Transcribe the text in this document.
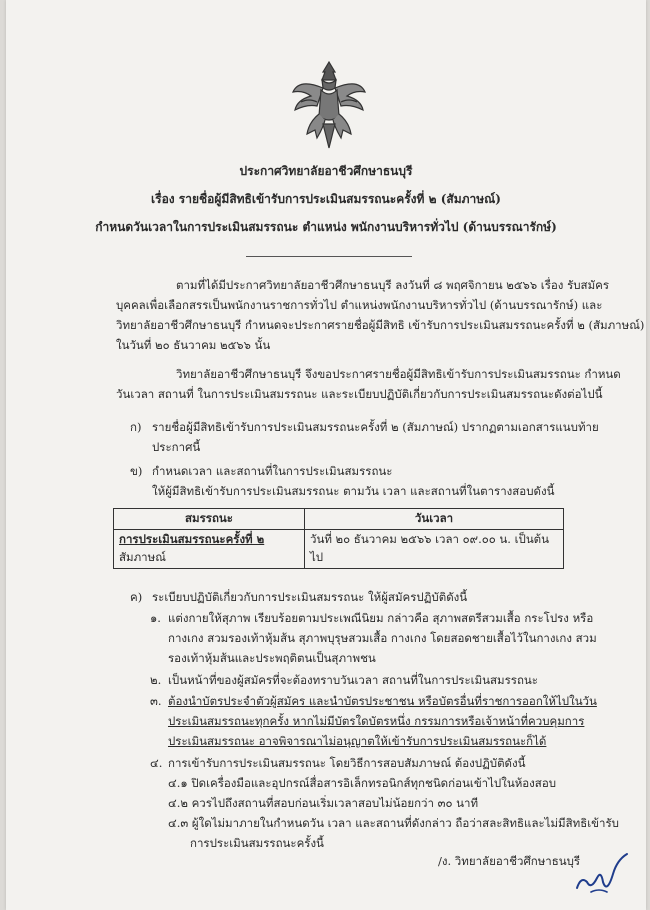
ประกาศวิทยาลัยอาชีวศึกษาธนบุรี
เรื่อง รายชื่อผู้มีสิทธิเข้ารับการประเมินสมรรถนะครั้งที่ ๒ (สัมภาษณ์)
กำหนดวันเวลาในการประเมินสมรรถนะ ตำแหน่ง พนักงานบริหารทั่วไป (ด้านบรรณารักษ์)
ตามที่ได้มีประกาศวิทยาลัยอาชีวศึกษาธนบุรี ลงวันที่ ๘ พฤศจิกายน ๒๕๖๖ เรื่อง รับสมัคร
บุคคลเพื่อเลือกสรรเป็นพนักงานราชการทั่วไป ตำแหน่งพนักงานบริหารทั่วไป (ด้านบรรณารักษ์) และ
วิทยาลัยอาชีวศึกษาธนบุรี กำหนดจะประกาศรายชื่อผู้มีสิทธิ เข้ารับการประเมินสมรรถนะครั้งที่ ๒ (สัมภาษณ์)
ในวันที่ ๒๐ ธันวาคม ๒๕๖๖ นั้น
วิทยาลัยอาชีวศึกษาธนบุรี จึงขอประกาศรายชื่อผู้มีสิทธิเข้ารับการประเมินสมรรถนะ กำหนด
วันเวลา สถานที่ ในการประเมินสมรรถนะ และระเบียบปฏิบัติเกี่ยวกับการประเมินสมรรถนะดังต่อไปนี้
ก) รายชื่อผู้มีสิทธิเข้ารับการประเมินสมรรถนะครั้งที่ ๒ (สัมภาษณ์) ปรากฏตามเอกสารแนบท้าย
ประกาศนี้
ข) กำหนดเวลา และสถานที่ในการประเมินสมรรถนะ
ให้ผู้มีสิทธิเข้ารับการประเมินสมรรถนะ ตามวัน เวลา และสถานที่ในตารางสอบดังนี้
สมรรถนะ	วันเวลา

การประเมินสมรรถนะครั้งที่ ๒
สัมภาษณ์	วันที่ ๒๐ ธันวาคม ๒๕๖๖ เวลา ๐๙.๐๐ น. เป็นต้นไป
ค) ระเบียบปฏิบัติเกี่ยวกับการประเมินสมรรถนะ ให้ผู้สมัครปฏิบัติดังนี้
๑. แต่งกายให้สุภาพ เรียบร้อยตามประเพณีนิยม กล่าวคือ สุภาพสตรีสวมเสื้อ กระโปรง หรือ
กางเกง สวมรองเท้าหุ้มส้น สุภาพบุรุษสวมเสื้อ กางเกง โดยสอดชายเสื้อไว้ในกางเกง สวม
รองเท้าหุ้มส้นและประพฤติตนเป็นสุภาพชน
๒. เป็นหน้าที่ของผู้สมัครที่จะต้องทราบวันเวลา สถานที่ในการประเมินสมรรถนะ
๓. ต้องนำบัตรประจำตัวผู้สมัคร และนำบัตรประชาชน หรือบัตรอื่นที่ราชการออกให้ไปในวัน
ประเมินสมรรถนะทุกครั้ง หากไม่มีบัตรใดบัตรหนึ่ง กรรมการหรือเจ้าหน้าที่ควบคุมการ
ประเมินสมรรถนะ อาจพิจารณาไม่อนุญาตให้เข้ารับการประเมินสมรรถนะก็ได้
๔. การเข้ารับการประเมินสมรรถนะ โดยวิธีการสอบสัมภาษณ์ ต้องปฏิบัติดังนี้
๔.๑ ปิดเครื่องมือและอุปกรณ์สื่อสารอิเล็กทรอนิกส์ทุกชนิดก่อนเข้าไปในห้องสอบ
๔.๒ ควรไปถึงสถานที่สอบก่อนเริ่มเวลาสอบไม่น้อยกว่า ๓๐ นาที
๔.๓ ผู้ใดไม่มาภายในกำหนดวัน เวลา และสถานที่ดังกล่าว ถือว่าสละสิทธิและไม่มีสิทธิเข้ารับ
การประเมินสมรรถนะครั้งนี้
/ง. วิทยาลัยอาชีวศึกษาธนบุรี
